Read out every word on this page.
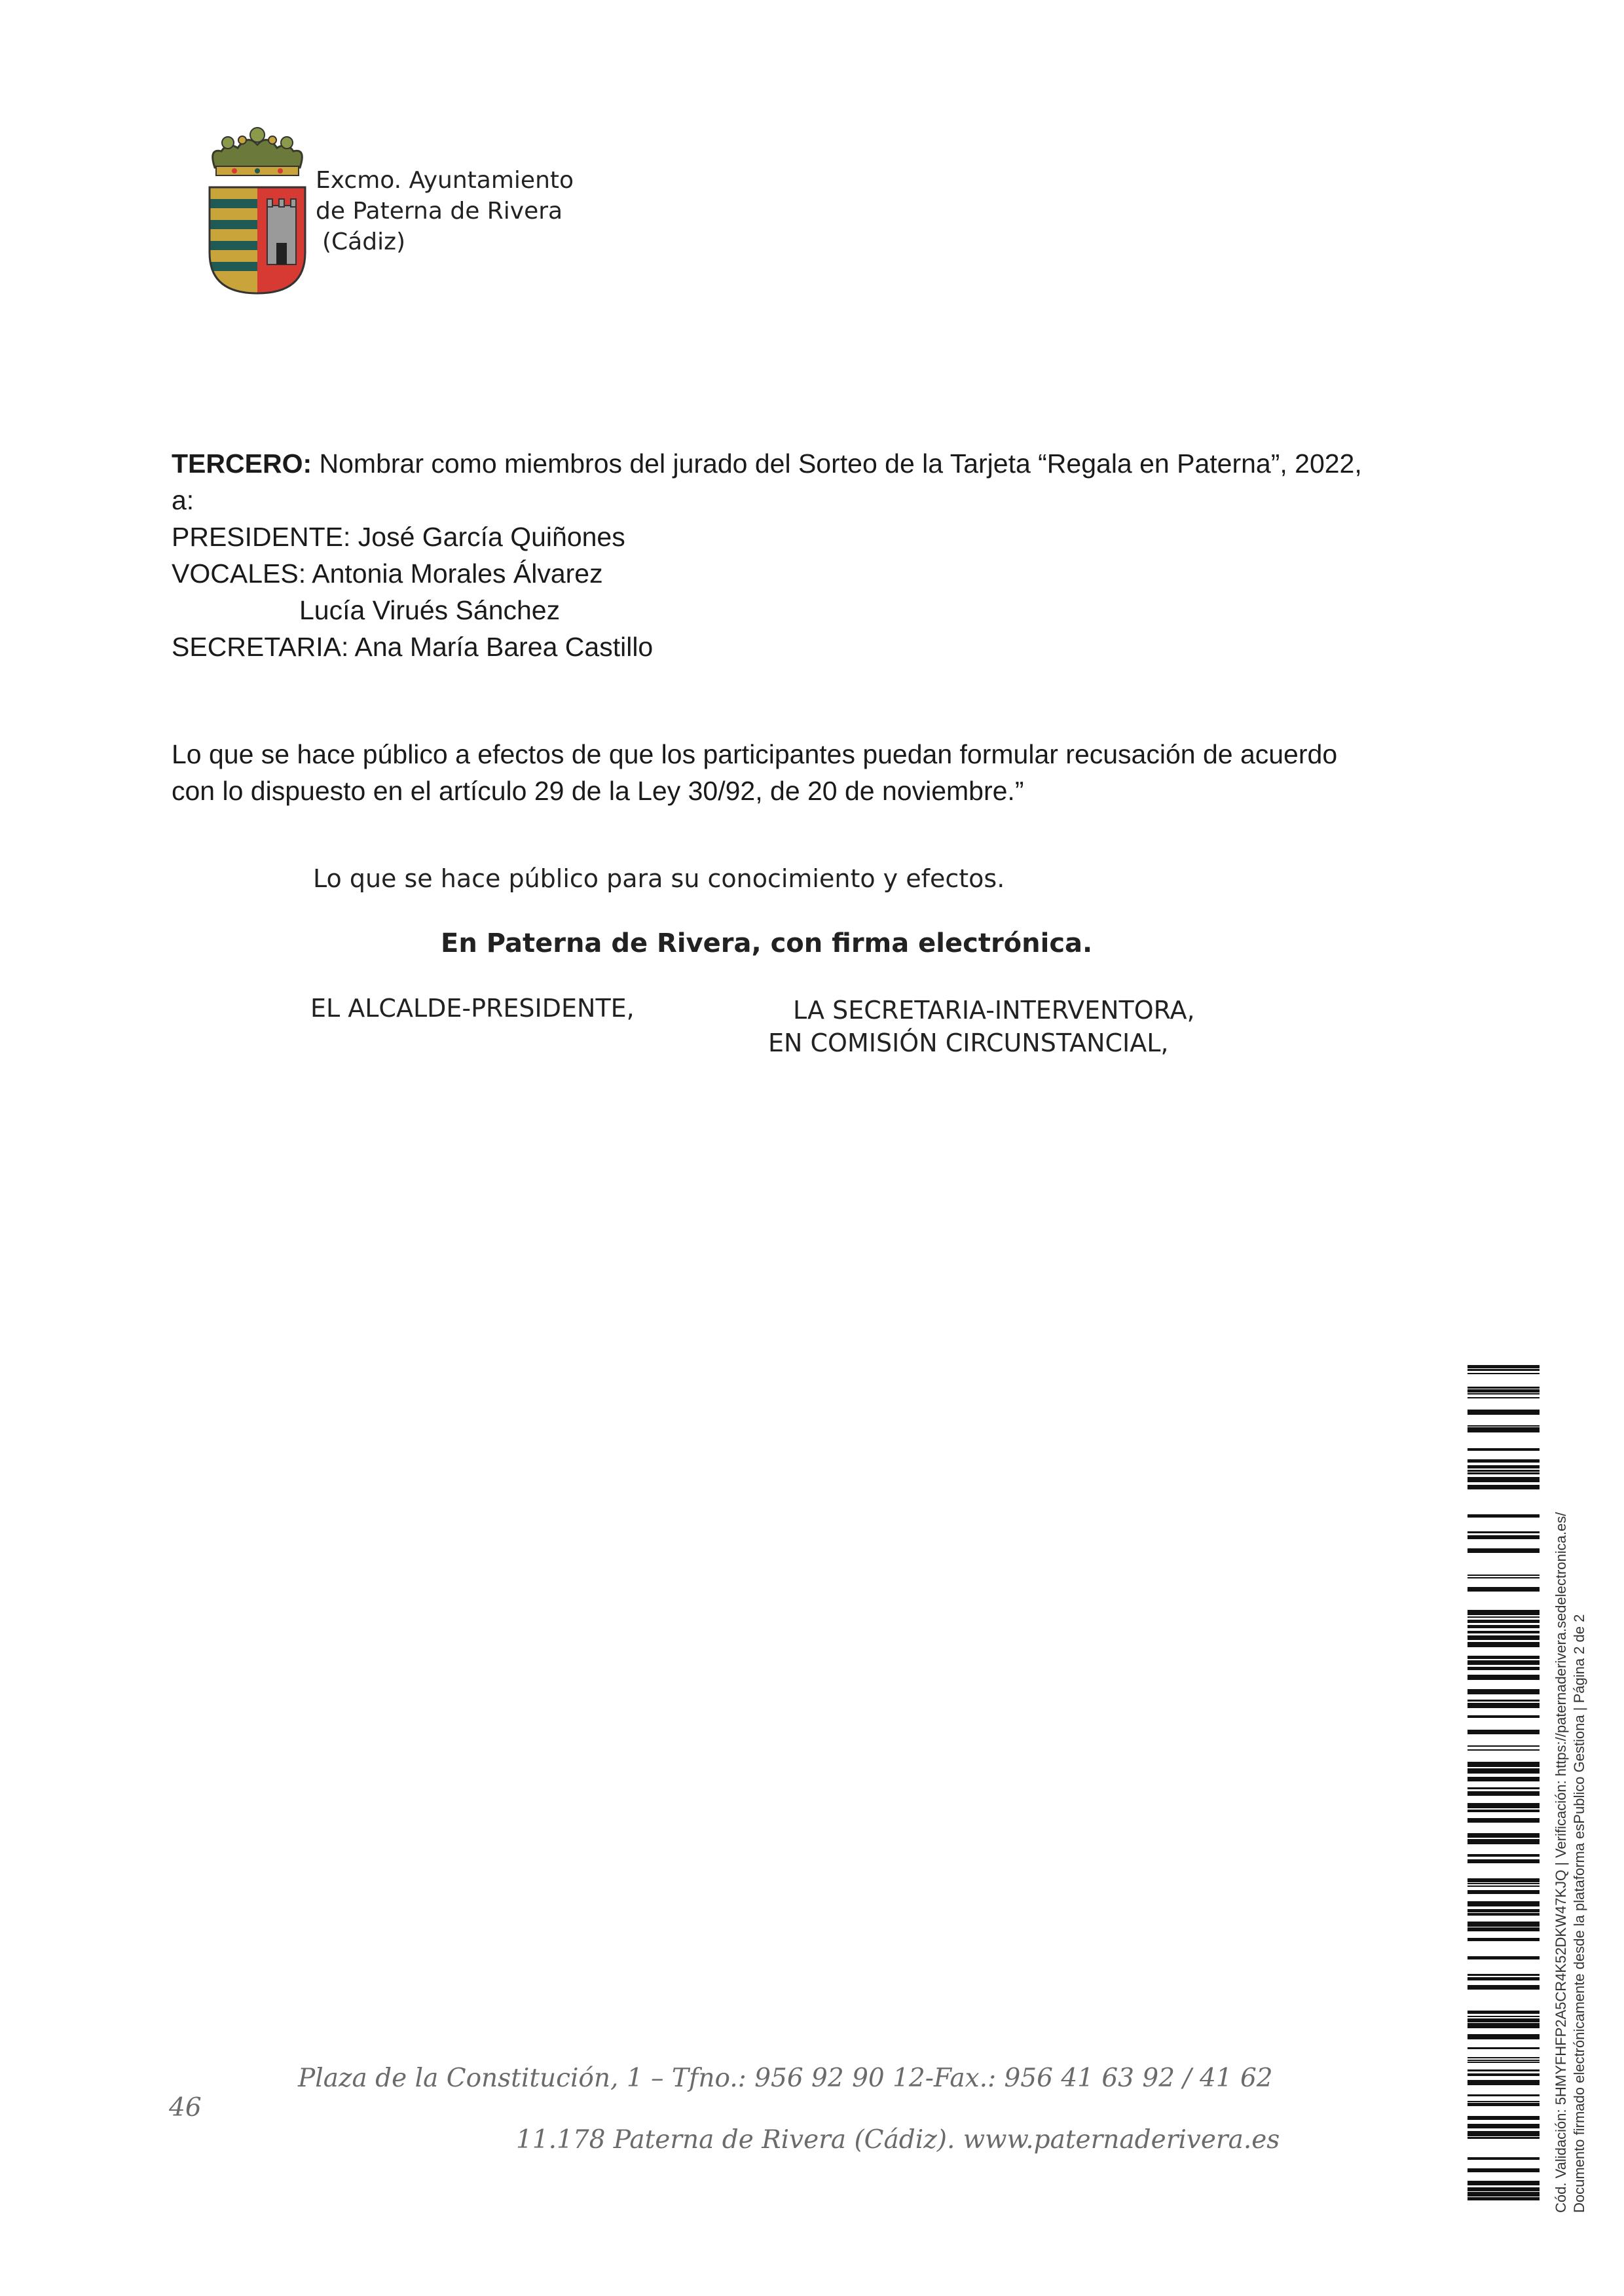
Excmo. Ayuntamiento
de Paterna de Rivera
(Cádiz)
TERCERO: Nombrar como miembros del jurado del Sorteo de la Tarjeta “Regala en Paterna”, 2022,
a:
PRESIDENTE: José García Quiñones
VOCALES: Antonia Morales Álvarez
Lucía Virués Sánchez
SECRETARIA: Ana María Barea Castillo
Lo que se hace público a efectos de que los participantes puedan formular recusación de acuerdo
con lo dispuesto en el artículo 29 de la Ley 30/92, de 20 de noviembre.”
Lo que se hace público para su conocimiento y efectos.
En Paterna de Rivera, con firma electrónica.
EL ALCALDE-PRESIDENTE,	LA SECRETARIA-INTERVENTORA,
EN COMISIÓN CIRCUNSTANCIAL,
Plaza de la Constitución, 1 – Tfno.: 956 92 90 12-Fax.: 956 41 63 92 / 41 62
46
11.178 Paterna de Rivera (Cádiz). www.paternaderivera.es	Cód. Validación: 5HMYFHFP2A5CR4K52DKW47KJQ | Verificación: https://paternaderivera.sedelectronica.es/ Documento firmado electrónicamente desde la plataforma esPublico Gestiona | Página 2 de 2
